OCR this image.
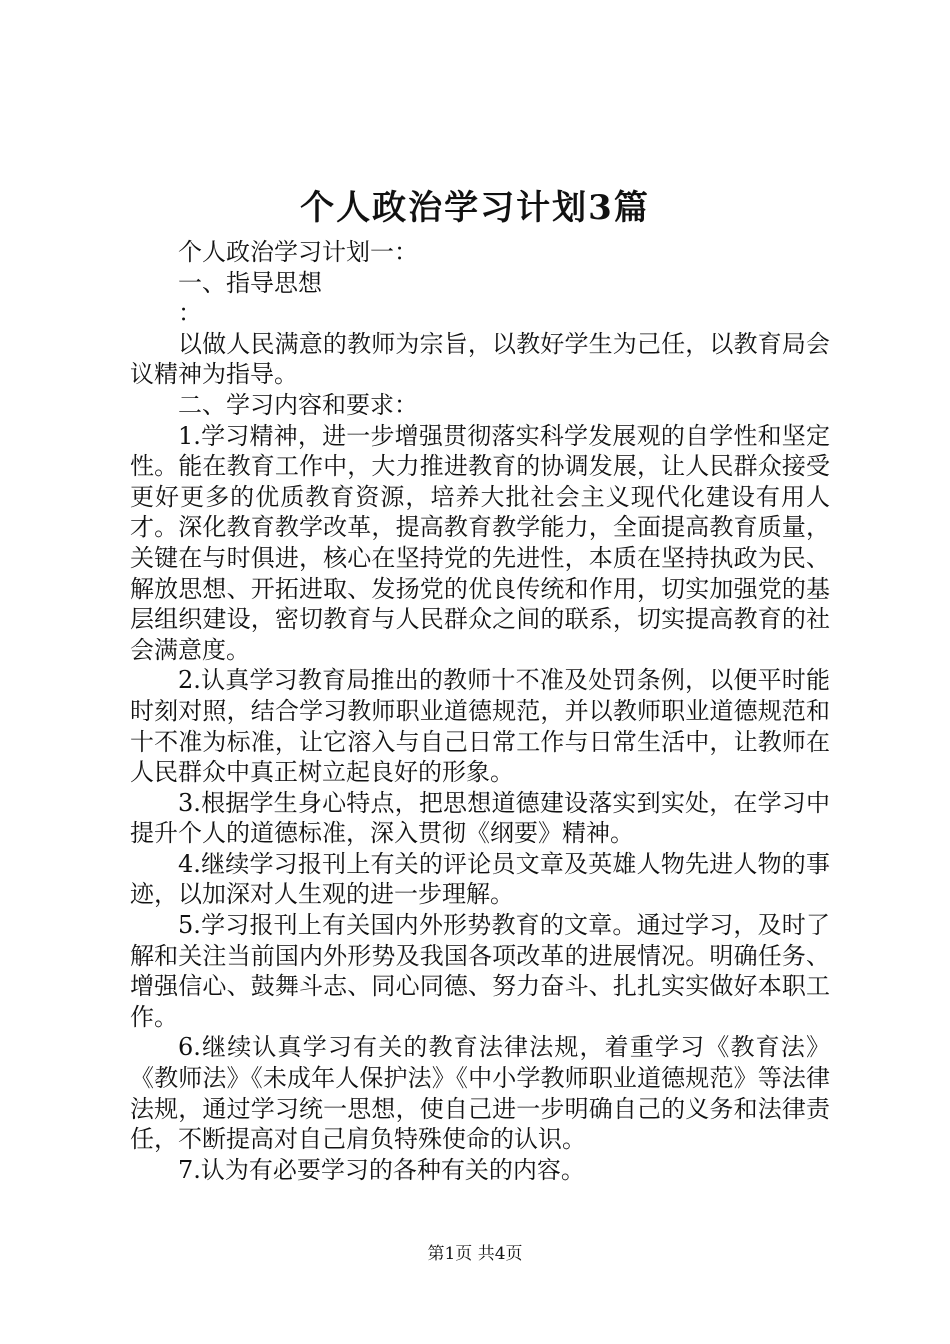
个人政治学习计划3篇

个人政治学习计划一：

一、指导思想

：

以做人民满意的教师为宗旨，以教好学生为己任，以教育局会议精神为指导。

二、学习内容和要求：

1.学习精神，进一步增强贯彻落实科学发展观的自学性和坚定性。能在教育工作中，大力推进教育的协调发展，让人民群众接受更好更多的优质教育资源，培养大批社会主义现代化建设有用人才。深化教育教学改革，提高教育教学能力，全面提高教育质量，关键在与时俱进，核心在坚持党的先进性，本质在坚持执政为民、解放思想、开拓进取、发扬党的优良传统和作用，切实加强党的基层组织建设，密切教育与人民群众之间的联系，切实提高教育的社会满意度。

2.认真学习教育局推出的教师十不准及处罚条例，以便平时能时刻对照，结合学习教师职业道德规范，并以教师职业道德规范和十不准为标准，让它溶入与自己日常工作与日常生活中，让教师在人民群众中真正树立起良好的形象。

3.根据学生身心特点，把思想道德建设落实到实处，在学习中提升个人的道德标准，深入贯彻《纲要》精神。

4.继续学习报刊上有关的评论员文章及英雄人物先进人物的事迹，以加深对人生观的进一步理解。

5.学习报刊上有关国内外形势教育的文章。通过学习，及时了解和关注当前国内外形势及我国各项改革的进展情况。明确任务、增强信心、鼓舞斗志、同心同德、努力奋斗、扎扎实实做好本职工作。

6.继续认真学习有关的教育法律法规，着重学习《教育法》《教师法》《未成年人保护法》《中小学教师职业道德规范》等法律法规，通过学习统一思想，使自己进一步明确自己的义务和法律责任，不断提高对自己肩负特殊使命的认识。

7.认为有必要学习的各种有关的内容。

第1页 共4页
